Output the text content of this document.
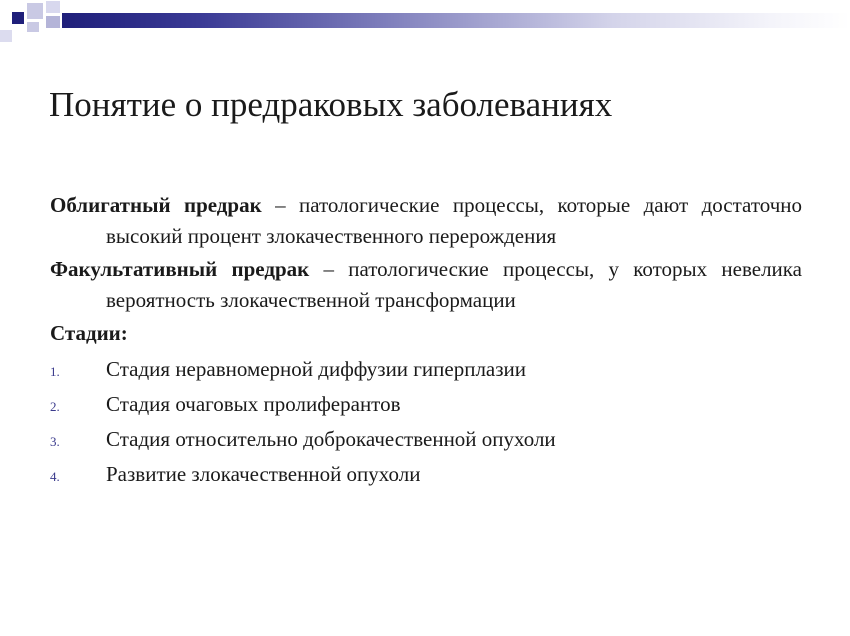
Понятие о предраковых заболеваниях

Облигатный предрак – патологические процессы, которые дают достаточно высокий процент злокачественного перерождения

Факультативный предрак – патологические процессы, у которых невелика вероятность злокачественной трансформации

Стадии:

1. Стадия неравномерной диффузии гиперплазии
2. Стадия очаговых пролиферантов
3. Стадия относительно доброкачественной опухоли
4. Развитие злокачественной опухоли
